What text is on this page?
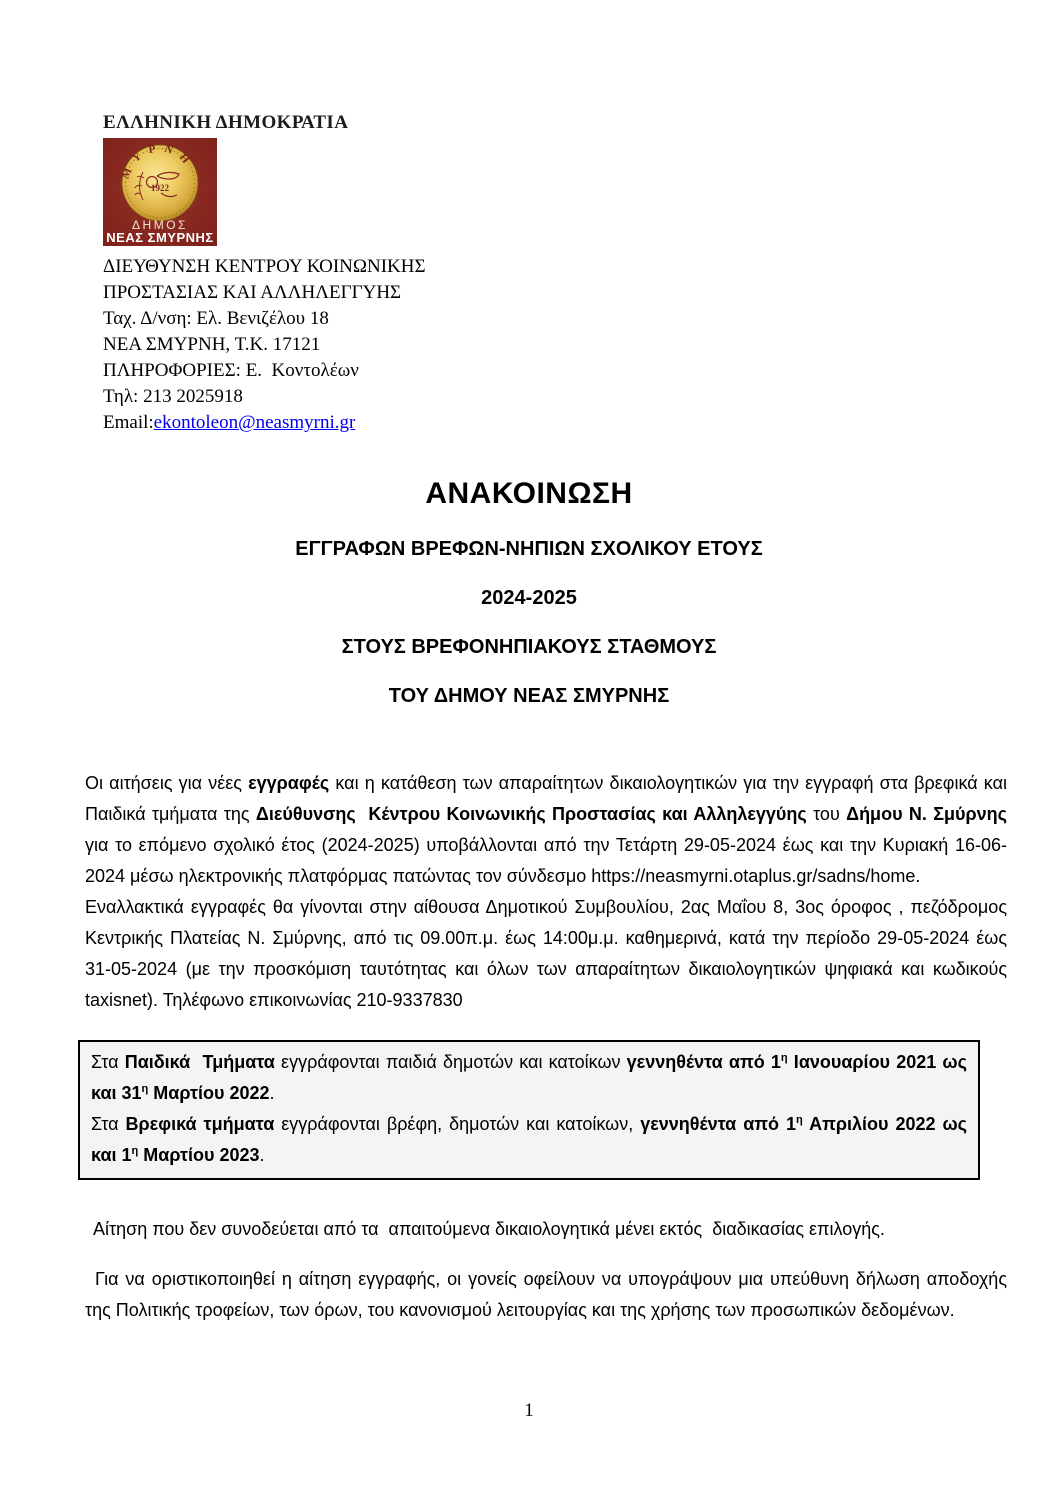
ΕΛΛΗΝΙΚΗ ΔΗΜΟΚΡΑΤΙΑ
ΜΥΡΝΗ
1922
ΔΗΜΟΣ
ΝΕΑΣ ΣΜΥΡΝΗΣ
ΔΙΕΥΘΥΝΣΗ ΚΕΝΤΡΟΥ ΚΟΙΝΩΝΙΚΗΣ
ΠΡΟΣΤΑΣΙΑΣ ΚΑΙ ΑΛΛΗΛΕΓΓΥΗΣ
Ταχ. Δ/νση: Ελ. Βενιζέλου 18
ΝΕΑ ΣΜΥΡΝΗ, Τ.Κ. 17121
ΠΛΗΡΟΦΟΡΙΕΣ: Ε.  Κοντολέων
Τηλ: 213 2025918
Email:ekontoleon@neasmyrni.gr
ΑΝΑΚΟΙΝΩΣΗ
ΕΓΓΡΑΦΩΝ ΒΡΕΦΩΝ-ΝΗΠΙΩΝ ΣΧΟΛΙΚΟΥ ΕΤΟΥΣ
2024-2025
ΣΤΟΥΣ ΒΡΕΦΟΝΗΠΙΑΚΟΥΣ ΣΤΑΘΜΟΥΣ
ΤΟΥ ΔΗΜΟΥ ΝΕΑΣ ΣΜΥΡΝΗΣ

Οι αιτήσεις για νέες εγγραφές και η κατάθεση των απαραίτητων δικαιολογητικών για την εγγραφή στα βρεφικά και Παιδικά τμήματα της Διεύθυνσης  Κέντρου Κοινωνικής Προστασίας και Αλληλεγγύης του Δήμου Ν. Σμύρνης για το επόμενο σχολικό έτος (2024-2025) υποβάλλονται από την Τετάρτη 29-05-2024 έως και την Κυριακή 16-06-2024 μέσω ηλεκτρονικής πλατφόρμας πατώντας τον σύνδεσμο https://neasmyrni.otaplus.gr/sadns/home.

Εναλλακτικά εγγραφές θα γίνονται στην αίθουσα Δημοτικού Συμβουλίου, 2ας Μαΐου 8, 3ος όροφος , πεζόδρομος Κεντρικής Πλατείας Ν. Σμύρνης, από τις 09.00π.μ. έως 14:00μ.μ. καθημερινά, κατά την περίοδο 29-05-2024 έως 31-05-2024 (με την προσκόμιση ταυτότητας και όλων των απαραίτητων δικαιολογητικών ψηφιακά και κωδικούς taxisnet). Τηλέφωνο επικοινωνίας 210-9337830

Στα Παιδικά  Τμήματα εγγράφονται παιδιά δημοτών και κατοίκων γεννηθέντα από $1^\eta$ Ιανουαρίου 2021 ως και $31^\eta$ Μαρτίου 2022.
Στα Βρεφικά τμήματα εγγράφονται βρέφη, δημοτών και κατοίκων, γεννηθέντα από $1^\eta$ Απριλίου 2022 ως και $1^\eta$ Μαρτίου 2023.

Αίτηση που δεν συνοδεύεται από τα  απαιτούμενα δικαιολογητικά μένει εκτός  διαδικασίας επιλογής.

Για να οριστικοποιηθεί η αίτηση εγγραφής, οι γονείς οφείλουν να υπογράψουν μια υπεύθυνη δήλωση αποδοχής της Πολιτικής τροφείων, των όρων, του κανονισμού λειτουργίας και της χρήσης των προσωπικών δεδομένων.

1
